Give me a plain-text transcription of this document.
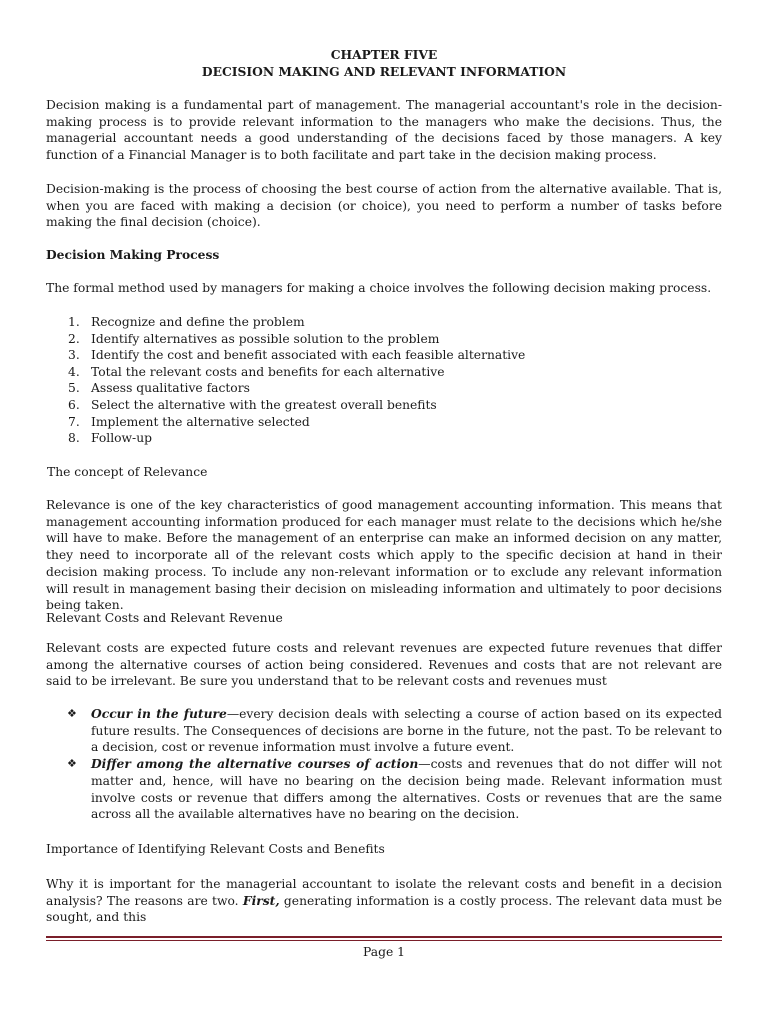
CHAPTER FIVE
DECISION MAKING AND RELEVANT INFORMATION

Decision making is a fundamental part of management. The managerial accountant's role in the decision-making process is to provide relevant information to the managers who make the decisions. Thus, the managerial accountant needs a good understanding of the decisions faced by those managers. A key function of a Financial Manager is to both facilitate and part take in the decision making process.

Decision-making is the process of choosing the best course of action from the alternative available. That is, when you are faced with making a decision (or choice), you need to perform a number of tasks before making the final decision (choice).

Decision Making Process

The formal method used by managers for making a choice involves the following decision making process.

1. Recognize and define the problem
2. Identify alternatives as possible solution to the problem
3. Identify the cost and benefit associated with each feasible alternative
4. Total the relevant costs and benefits for each alternative
5. Assess qualitative factors
6. Select the alternative with the greatest overall benefits
7. Implement the alternative selected
8. Follow-up
The concept of Relevance

Relevance is one of the key characteristics of good management accounting information. This means that management accounting information produced for each manager must relate to the decisions which he/she will have to make. Before the management of an enterprise can make an informed decision on any matter, they need to incorporate all of the relevant costs which apply to the specific decision at hand in their decision making process. To include any non-relevant information or to exclude any relevant information will result in management basing their decision on misleading information and ultimately to poor decisions being taken.

Relevant Costs and Relevant Revenue

Relevant costs are expected future costs and relevant revenues are expected future revenues that differ among the alternative courses of action being considered. Revenues and costs that are not relevant are said to be irrelevant. Be sure you understand that to be relevant costs and revenues must

❖ Occur in the future—every decision deals with selecting a course of action based on its expected future results. The Consequences of decisions are borne in the future, not the past. To be relevant to a decision, cost or revenue information must involve a future event.
❖ Differ among the alternative courses of action—costs and revenues that do not differ will not matter and, hence, will have no bearing on the decision being made. Relevant information must involve costs or revenue that differs among the alternatives. Costs or revenues that are the same across all the available alternatives have no bearing on the decision.
Importance of Identifying Relevant Costs and Benefits

Why it is important for the managerial accountant to isolate the relevant costs and benefit in a decision analysis? The reasons are two. First, generating information is a costly process. The relevant data must be sought, and this

Page 1
